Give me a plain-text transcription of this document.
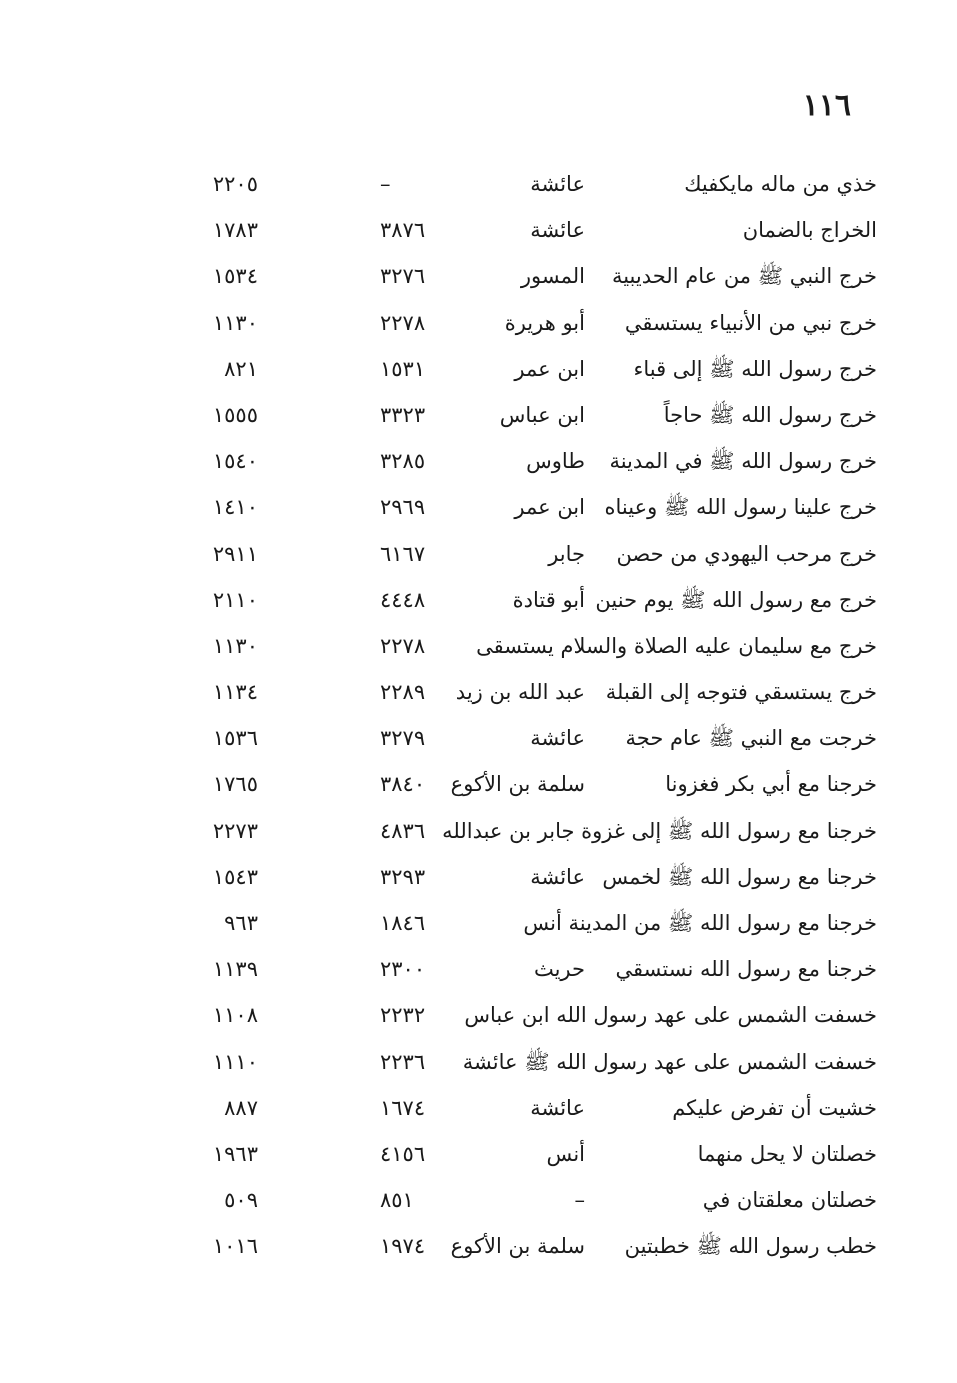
١١٦
خذي من ماله مايكفيك
عائشة
–
٢٢٠٥
الخراج بالضمان
عائشة
٣٨٧٦
١٧٨٣
خرج النبي ﷺ من عام الحديبية
المسور
٣٢٧٦
١٥٣٤
خرج نبي من الأنبياء يستسقي
أبو هريرة
٢٢٧٨
١١٣٠
خرج رسول الله ﷺ إلى قباء
ابن عمر
١٥٣١
٨٢١
خرج رسول الله ﷺ حاجاً
ابن عباس
٣٣٢٣
١٥٥٥
خرج رسول الله ﷺ في المدينة
طاوس
٣٢٨٥
١٥٤٠
خرج علينا رسول الله ﷺ وعيناه
ابن عمر
٢٩٦٩
١٤١٠
خرج مرحب اليهودي من حصن
جابر
٦١٦٧
٢٩١١
خرج مع رسول الله ﷺ يوم حنين
أبو قتادة
٤٤٤٨
٢١١٠
خرج مع سليمان عليه الصلاة والسلام يستسقى
٢٢٧٨
١١٣٠
خرج يستسقي فتوجه إلى القبلة
عبد الله بن زيد
٢٢٨٩
١١٣٤
خرجت مع النبي ﷺ عام حجة
عائشة
٣٢٧٩
١٥٣٦
خرجنا مع أبي بكر فغزونا
سلمة بن الأكوع
٣٨٤٠
١٧٦٥
خرجنا مع رسول الله ﷺ إلى غزوة جابر بن عبدالله
٤٨٣٦
٢٢٧٣
خرجنا مع رسول الله ﷺ لخمس
عائشة
٣٢٩٣
١٥٤٣
خرجنا مع رسول الله ﷺ من المدينة أنس
١٨٤٦
٩٦٣
خرجنا مع رسول الله نستسقي
حريث
٢٣٠٠
١١٣٩
خسفت الشمس على عهد رسول الله ابن عباس
٢٢٣٢
١١٠٨
خسفت الشمس على عهد رسول الله ﷺ عائشة
٢٢٣٦
١١١٠
خشيت أن تفرض عليكم
عائشة
١٦٧٤
٨٨٧
خصلتان لا يحل منهما
أنس
٤١٥٦
١٩٦٣
خصلتان معلقتان في
–
٨٥١
٥٠٩
خطب رسول الله ﷺ خطبتين
سلمة بن الأكوع
١٩٧٤
١٠١٦
